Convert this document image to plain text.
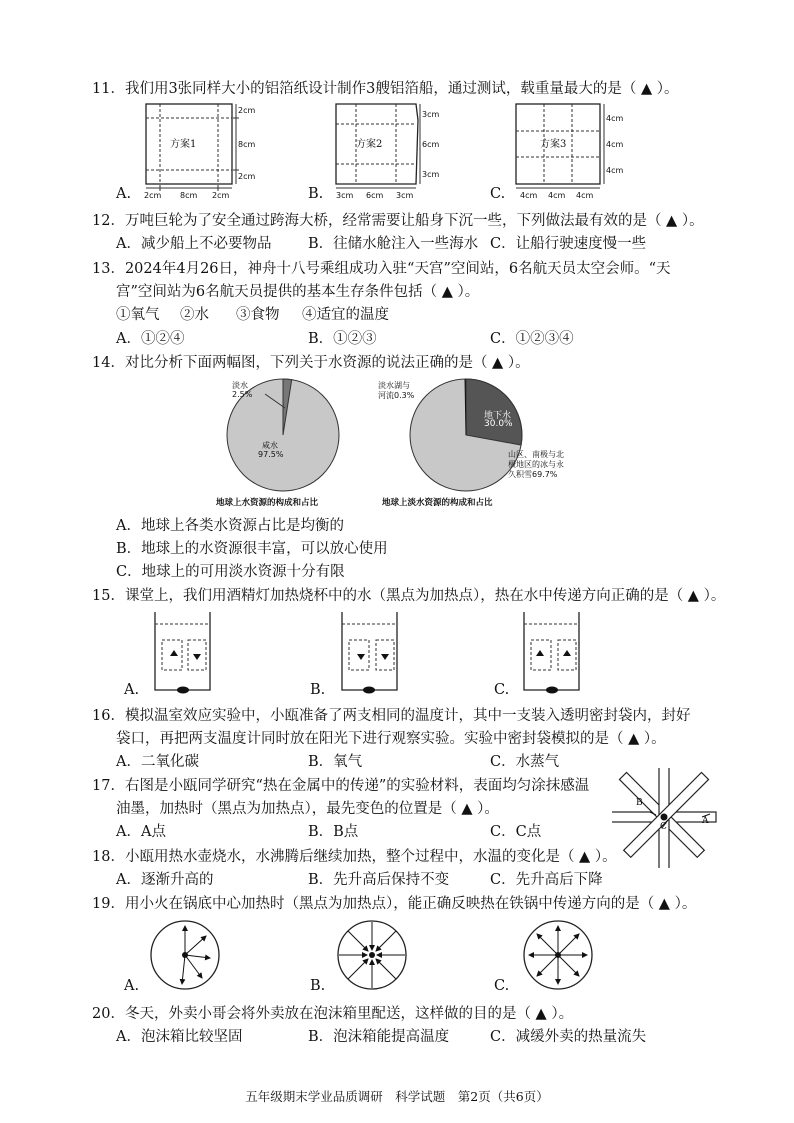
11．我们用3张同样大小的铝箔纸设计制作3艘铝箔船，通过测试，载重量最大的是（ ▲ ）。
A.	B.	C.
方案1	方案2	方案3
2cm
8cm
2cm
2cm 8cm 2cm
3cm
6cm
3cm
3cm 6cm 3cm
4cm
4cm
4cm
4cm 4cm 4cm
12．万吨巨轮为了安全通过跨海大桥，经常需要让船身下沉一些，下列做法最有效的是（ ▲ ）。
A．减少船上不必要物品	B．往储水舱注入一些海水 C．让船行驶速度慢一些
13．2024年4月26日，神舟十八号乘组成功入驻“天宫”空间站，6名航天员太空会师。“天
宫”空间站为6名航天员提供的基本生存条件包括（ ▲ ）。
①氧气 ②水 ③食物 ④适宜的温度
A．①②④	B．①②③	C．①②③④
14．对比分析下面两幅图，下列关于水资源的说法正确的是（ ▲ ）。
淡水
2.5%
咸水
97.5%
地球上水资源的构成和占比
淡水湖与
河流0.3%
地下水
30.0%
山区、南极与北
极地区的冰与永
久积雪69.7%
地球上淡水资源的构成和占比
A．地球上各类水资源占比是均衡的
B．地球上的水资源很丰富，可以放心使用
C．地球上的可用淡水资源十分有限
15．课堂上，我们用酒精灯加热烧杯中的水（黑点为加热点），热在水中传递方向正确的是（ ▲ ）。
A.	B.	C.
16．模拟温室效应实验中，小瓯准备了两支相同的温度计，其中一支装入透明密封袋内，封好
袋口，再把两支温度计同时放在阳光下进行观察实验。实验中密封袋模拟的是（ ▲ ）。
A．二氧化碳	B．氧气	C．水蒸气
17．右图是小瓯同学研究“热在金属中的传递”的实验材料，表面均匀涂抹感温
油墨，加热时（黑点为加热点），最先变色的位置是（ ▲ ）。
A．A点	B．B点	C．C点
B
C
A
18．小瓯用热水壶烧水，水沸腾后继续加热，整个过程中，水温的变化是（ ▲ ）。
A．逐渐升高的	B．先升高后保持不变	C．先升高后下降
19．用小火在锅底中心加热时（黑点为加热点），能正确反映热在铁锅中传递方向的是（ ▲ ）。
A.	B.	C.
20．冬天，外卖小哥会将外卖放在泡沫箱里配送，这样做的目的是（ ▲ ）。
A．泡沫箱比较坚固	B．泡沫箱能提高温度	C．减缓外卖的热量流失
五年级期末学业品质调研　科学试题　第2页（共6页）
